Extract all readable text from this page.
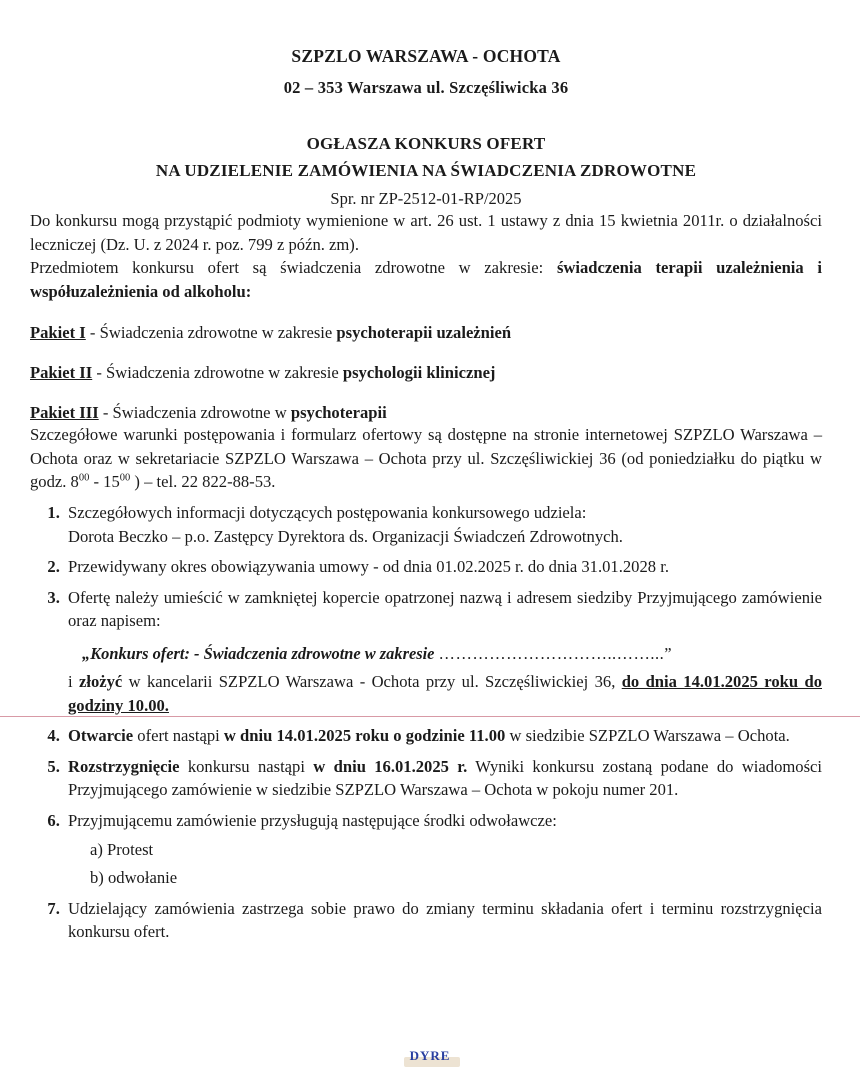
SZPZLO WARSZAWA - OCHOTA
02 – 353 Warszawa ul. Szczęśliwicka 36
OGŁASZA KONKURS OFERT
NA UDZIELENIE ZAMÓWIENIA NA ŚWIADCZENIA ZDROWOTNE
Spr. nr ZP-2512-01-RP/2025

Do konkursu mogą przystąpić podmioty wymienione w art. 26 ust. 1 ustawy z dnia 15 kwietnia 2011r. o działalności leczniczej (Dz. U. z 2024 r. poz. 799 z późn. zm).

Przedmiotem konkursu ofert są świadczenia zdrowotne w zakresie: świadczenia terapii uzależnienia i współuzależnienia od alkoholu:

Pakiet I - Świadczenia zdrowotne w zakresie psychoterapii uzależnień
Pakiet II - Świadczenia zdrowotne w zakresie psychologii klinicznej
Pakiet III - Świadczenia zdrowotne w psychoterapii

Szczegółowe warunki postępowania i formularz ofertowy są dostępne na stronie internetowej SZPZLO Warszawa – Ochota oraz w sekretariacie SZPZLO Warszawa – Ochota przy ul. Szczęśliwickiej 36 (od poniedziałku do piątku w godz. $8^{00} - 15^{00}$ ) – tel. 22 822-88-53.

1. Szczegółowych informacji dotyczących postępowania konkursowego udziela:
Dorota Beczko – p.o. Zastępcy Dyrektora ds. Organizacji Świadczeń Zdrowotnych.
2. Przewidywany okres obowiązywania umowy - od dnia 01.02.2025 r. do dnia 31.01.2028 r.
3. Ofertę należy umieścić w zamkniętej kopercie opatrzonej nazwą i adresem siedziby Przyjmującego zamówienie oraz napisem:
„Konkurs ofert: - Świadczenia zdrowotne w zakresie …………………………..……...”
i złożyć w kancelarii SZPZLO Warszawa - Ochota przy ul. Szczęśliwickiej 36, do dnia 14.01.2025 roku do godziny 10.00.
4. Otwarcie ofert nastąpi w dniu 14.01.2025 roku o godzinie 11.00 w siedzibie SZPZLO Warszawa – Ochota.
5. Rozstrzygnięcie konkursu nastąpi w dniu 16.01.2025 r. Wyniki konkursu zostaną podane do wiadomości Przyjmującego zamówienie w siedzibie SZPZLO Warszawa – Ochota w pokoju numer 201.
6. Przyjmującemu zamówienie przysługują następujące środki odwoławcze:
a) Protest
b) odwołanie
7. Udzielający zamówienia zastrzega sobie prawo do zmiany terminu składania ofert i terminu rozstrzygnięcia konkursu ofert.
DYRE
